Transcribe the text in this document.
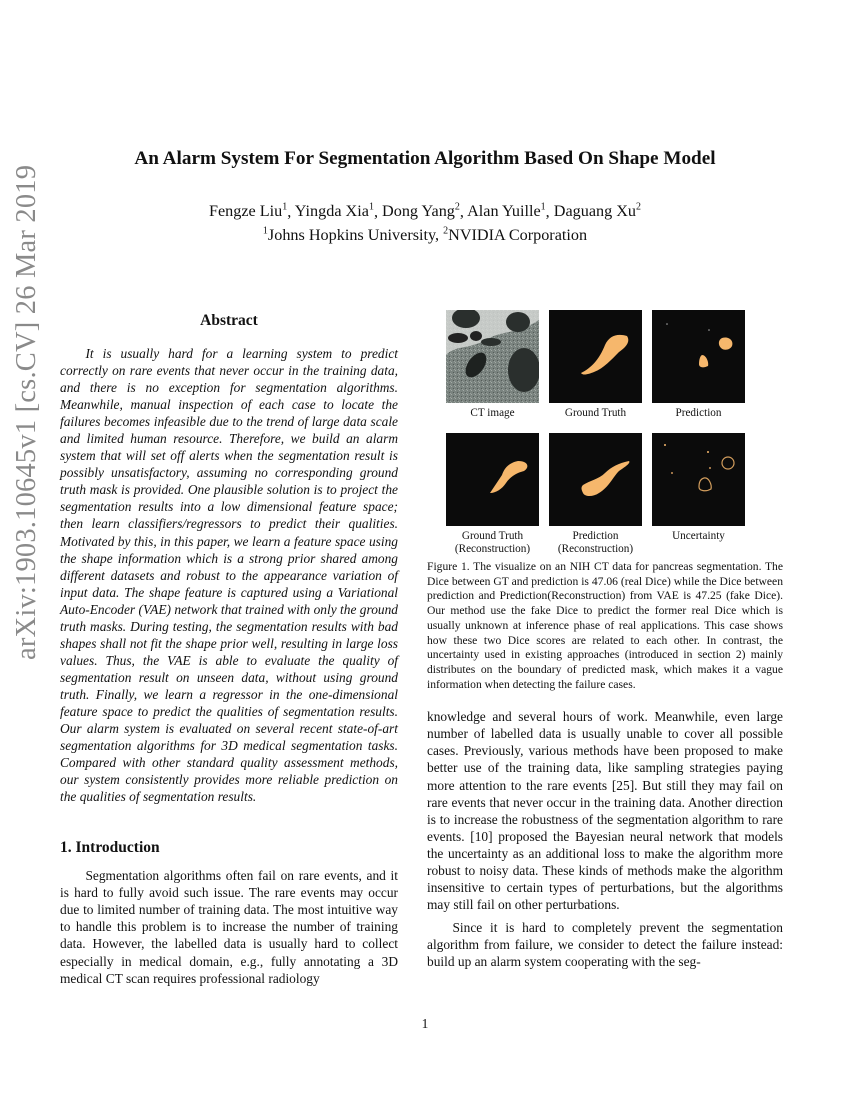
arXiv:1903.10645v1 [cs.CV] 26 Mar 2019
An Alarm System For Segmentation Algorithm Based On Shape Model
Fengze Liu$^1$, Yingda Xia$^1$, Dong Yang$^2$, Alan Yuille$^1$, Daguang Xu$^2$
$^1$Johns Hopkins University, $^2$NVIDIA Corporation
Abstract

It is usually hard for a learning system to predict correctly on rare events that never occur in the training data, and there is no exception for segmentation algorithms. Meanwhile, manual inspection of each case to locate the failures becomes infeasible due to the trend of large data scale and limited human resource. Therefore, we build an alarm system that will set off alerts when the segmentation result is possibly unsatisfactory, assuming no corresponding ground truth mask is provided. One plausible solution is to project the segmentation results into a low dimensional feature space; then learn classifiers/regressors to predict their qualities. Motivated by this, in this paper, we learn a feature space using the shape information which is a strong prior shared among different datasets and robust to the appearance variation of input data. The shape feature is captured using a Variational Auto-Encoder (VAE) network that trained with only the ground truth masks. During testing, the segmentation results with bad shapes shall not fit the shape prior well, resulting in large loss values. Thus, the VAE is able to evaluate the quality of segmentation result on unseen data, without using ground truth. Finally, we learn a regressor in the one-dimensional feature space to predict the qualities of segmentation results. Our alarm system is evaluated on several recent state-of-art segmentation algorithms for 3D medical segmentation tasks. Compared with other standard quality assessment methods, our system consistently provides more reliable prediction on the qualities of segmentation results.

1. Introduction

Segmentation algorithms often fail on rare events, and it is hard to fully avoid such issue. The rare events may occur due to limited number of training data. The most intuitive way to handle this problem is to increase the number of training data. However, the labelled data is usually hard to collect especially in medical domain, e.g., fully annotating a 3D medical CT scan requires professional radiology

CT image	Ground Truth	Prediction
Ground Truth (Reconstruction)
Prediction (Reconstruction)
Uncertainty

Figure 1. The visualize on an NIH CT data for pancreas segmentation. The Dice between GT and prediction is 47.06 (real Dice) while the Dice between prediction and Prediction(Reconstruction) from VAE is 47.25 (fake Dice). Our method use the fake Dice to predict the former real Dice which is usually unknown at inference phase of real applications. This case shows how these two Dice scores are related to each other. In contrast, the uncertainty used in existing approaches (introduced in section 2) mainly distributes on the boundary of predicted mask, which makes it a vague information when detecting the failure cases.

knowledge and several hours of work. Meanwhile, even large number of labelled data is usually unable to cover all possible cases. Previously, various methods have been proposed to make better use of the training data, like sampling strategies paying more attention to the rare events [25]. But still they may fail on rare events that never occur in the training data. Another direction is to increase the robustness of the segmentation algorithm to rare events. [10] proposed the Bayesian neural network that models the uncertainty as an additional loss to make the algorithm more robust to noisy data. These kinds of methods make the algorithm insensitive to certain types of perturbations, but the algorithms may still fail on other perturbations.

Since it is hard to completely prevent the segmentation algorithm from failure, we consider to detect the failure instead: build up an alarm system cooperating with the seg-

1
